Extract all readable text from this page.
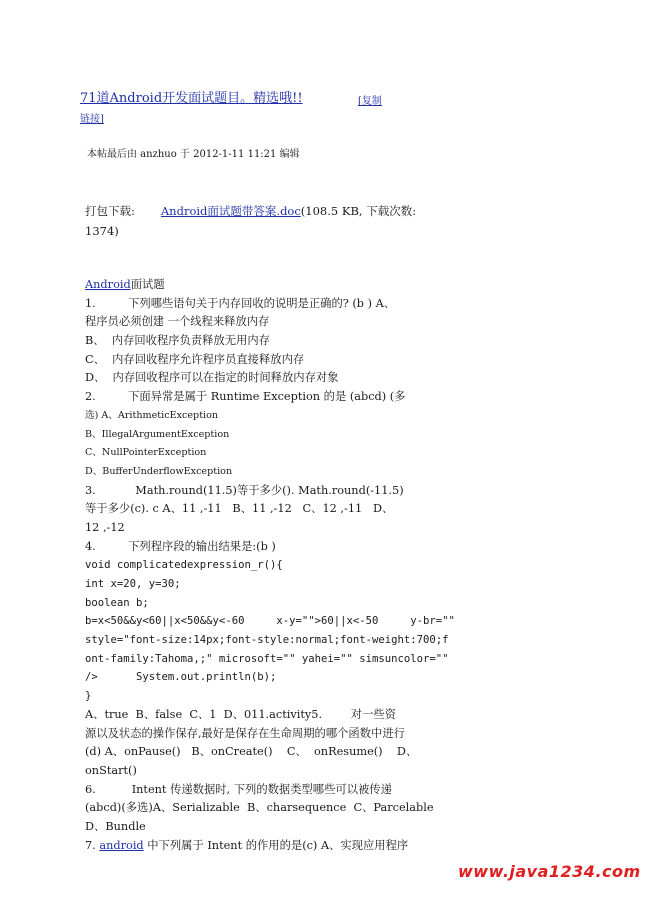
71道Android开发面试题目。精选哦!!	[复制
链接]
本帖最后由 anzhuo 于 2012-1-11 11:21 编辑
打包下载: Android面试题带答案.doc(108.5 KB, 下载次数:
1374)
Android面试题
1.         下列哪些语句关于内存回收的说明是正确的? (b ) A、
程序员必须创建 一个线程来释放内存
B、  内存回收程序负责释放无用内存
C、  内存回收程序允许程序员直接释放内存
D、  内存回收程序可以在指定的时间释放内存对象
2.         下面异常是属于 Runtime Exception 的是 (abcd) (多
选) A、ArithmeticException
B、IllegalArgumentException
C、NullPointerException
D、BufferUnderflowException
3.           Math.round(11.5)等于多少(). Math.round(-11.5)
等于多少(c). c A、11 ,-11   B、11 ,-12   C、12 ,-11   D、
12 ,-12
4.         下列程序段的输出结果是:(b )
void complicatedexpression_r(){
int x=20, y=30;
boolean b;
b=x<50&&y<60||x<50&&y<-60     x-y="">60||x<-50     y-br=""
style="font-size:14px;font-style:normal;font-weight:700;f
ont-family:Tahoma,;" microsoft="" yahei="" simsuncolor=""
/>      System.out.println(b);
}
A、true  B、false  C、1  D、011.activity5.        对一些资
源以及状态的操作保存,最好是保存在生命周期的哪个函数中进行
(d) A、onPause()   B、onCreate()    C、  onResume()    D、
onStart()
6.          Intent 传递数据时, 下列的数据类型哪些可以被传递
(abcd)(多选)A、Serializable  B、charsequence  C、Parcelable
D、Bundle
7. android 中下列属于 Intent 的作用的是(c) A、实现应用程序
www.java1234.com
